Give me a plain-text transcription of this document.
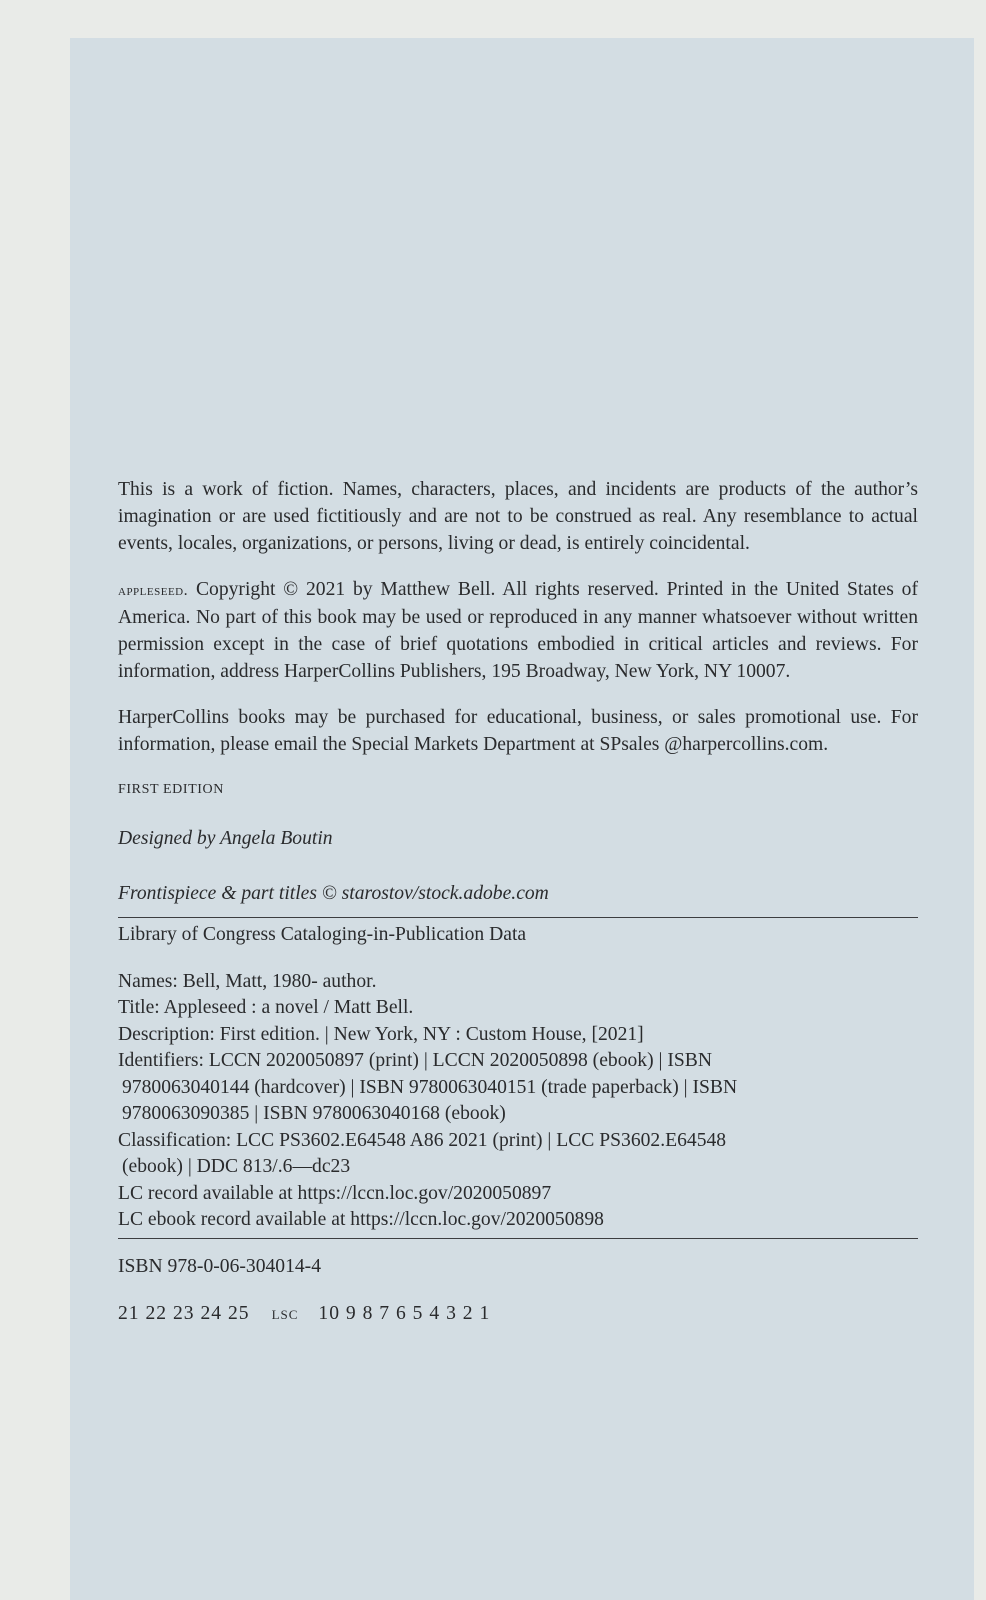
This is a work of fiction. Names, characters, places, and incidents are products of the author’s imagination or are used fictitiously and are not to be construed as real. Any resemblance to actual events, locales, organizations, or persons, living or dead, is entirely coincidental.

appleseed. Copyright © 2021 by Matthew Bell. All rights reserved. Printed in the United States of America. No part of this book may be used or reproduced in any manner whatsoever without written permission except in the case of brief quotations embodied in critical articles and reviews. For information, address HarperCollins Publishers, 195 Broadway, New York, NY 10007.

HarperCollins books may be purchased for educational, business, or sales promotional use. For information, please email the Special Markets Department at SPsales @harpercollins.com.

FIRST EDITION

Designed by Angela Boutin

Frontispiece & part titles © starostov/stock.adobe.com

Library of Congress Cataloging-in-Publication Data

Names: Bell, Matt, 1980- author.

Title: Appleseed : a novel / Matt Bell.

Description: First edition. | New York, NY : Custom House, [2021]

Identifiers: LCCN 2020050897 (print) | LCCN 2020050898 (ebook) | ISBN

9780063040144 (hardcover) | ISBN 9780063040151 (trade paperback) | ISBN

9780063090385 | ISBN 9780063040168 (ebook)

Classification: LCC PS3602.E64548 A86 2021 (print) | LCC PS3602.E64548

(ebook) | DDC 813/.6—dc23

LC record available at https://lccn.loc.gov/2020050897

LC ebook record available at https://lccn.loc.gov/2020050898

ISBN 978-0-06-304014-4

21 22 23 24 25 LSC 10 9 8 7 6 5 4 3 2 1
